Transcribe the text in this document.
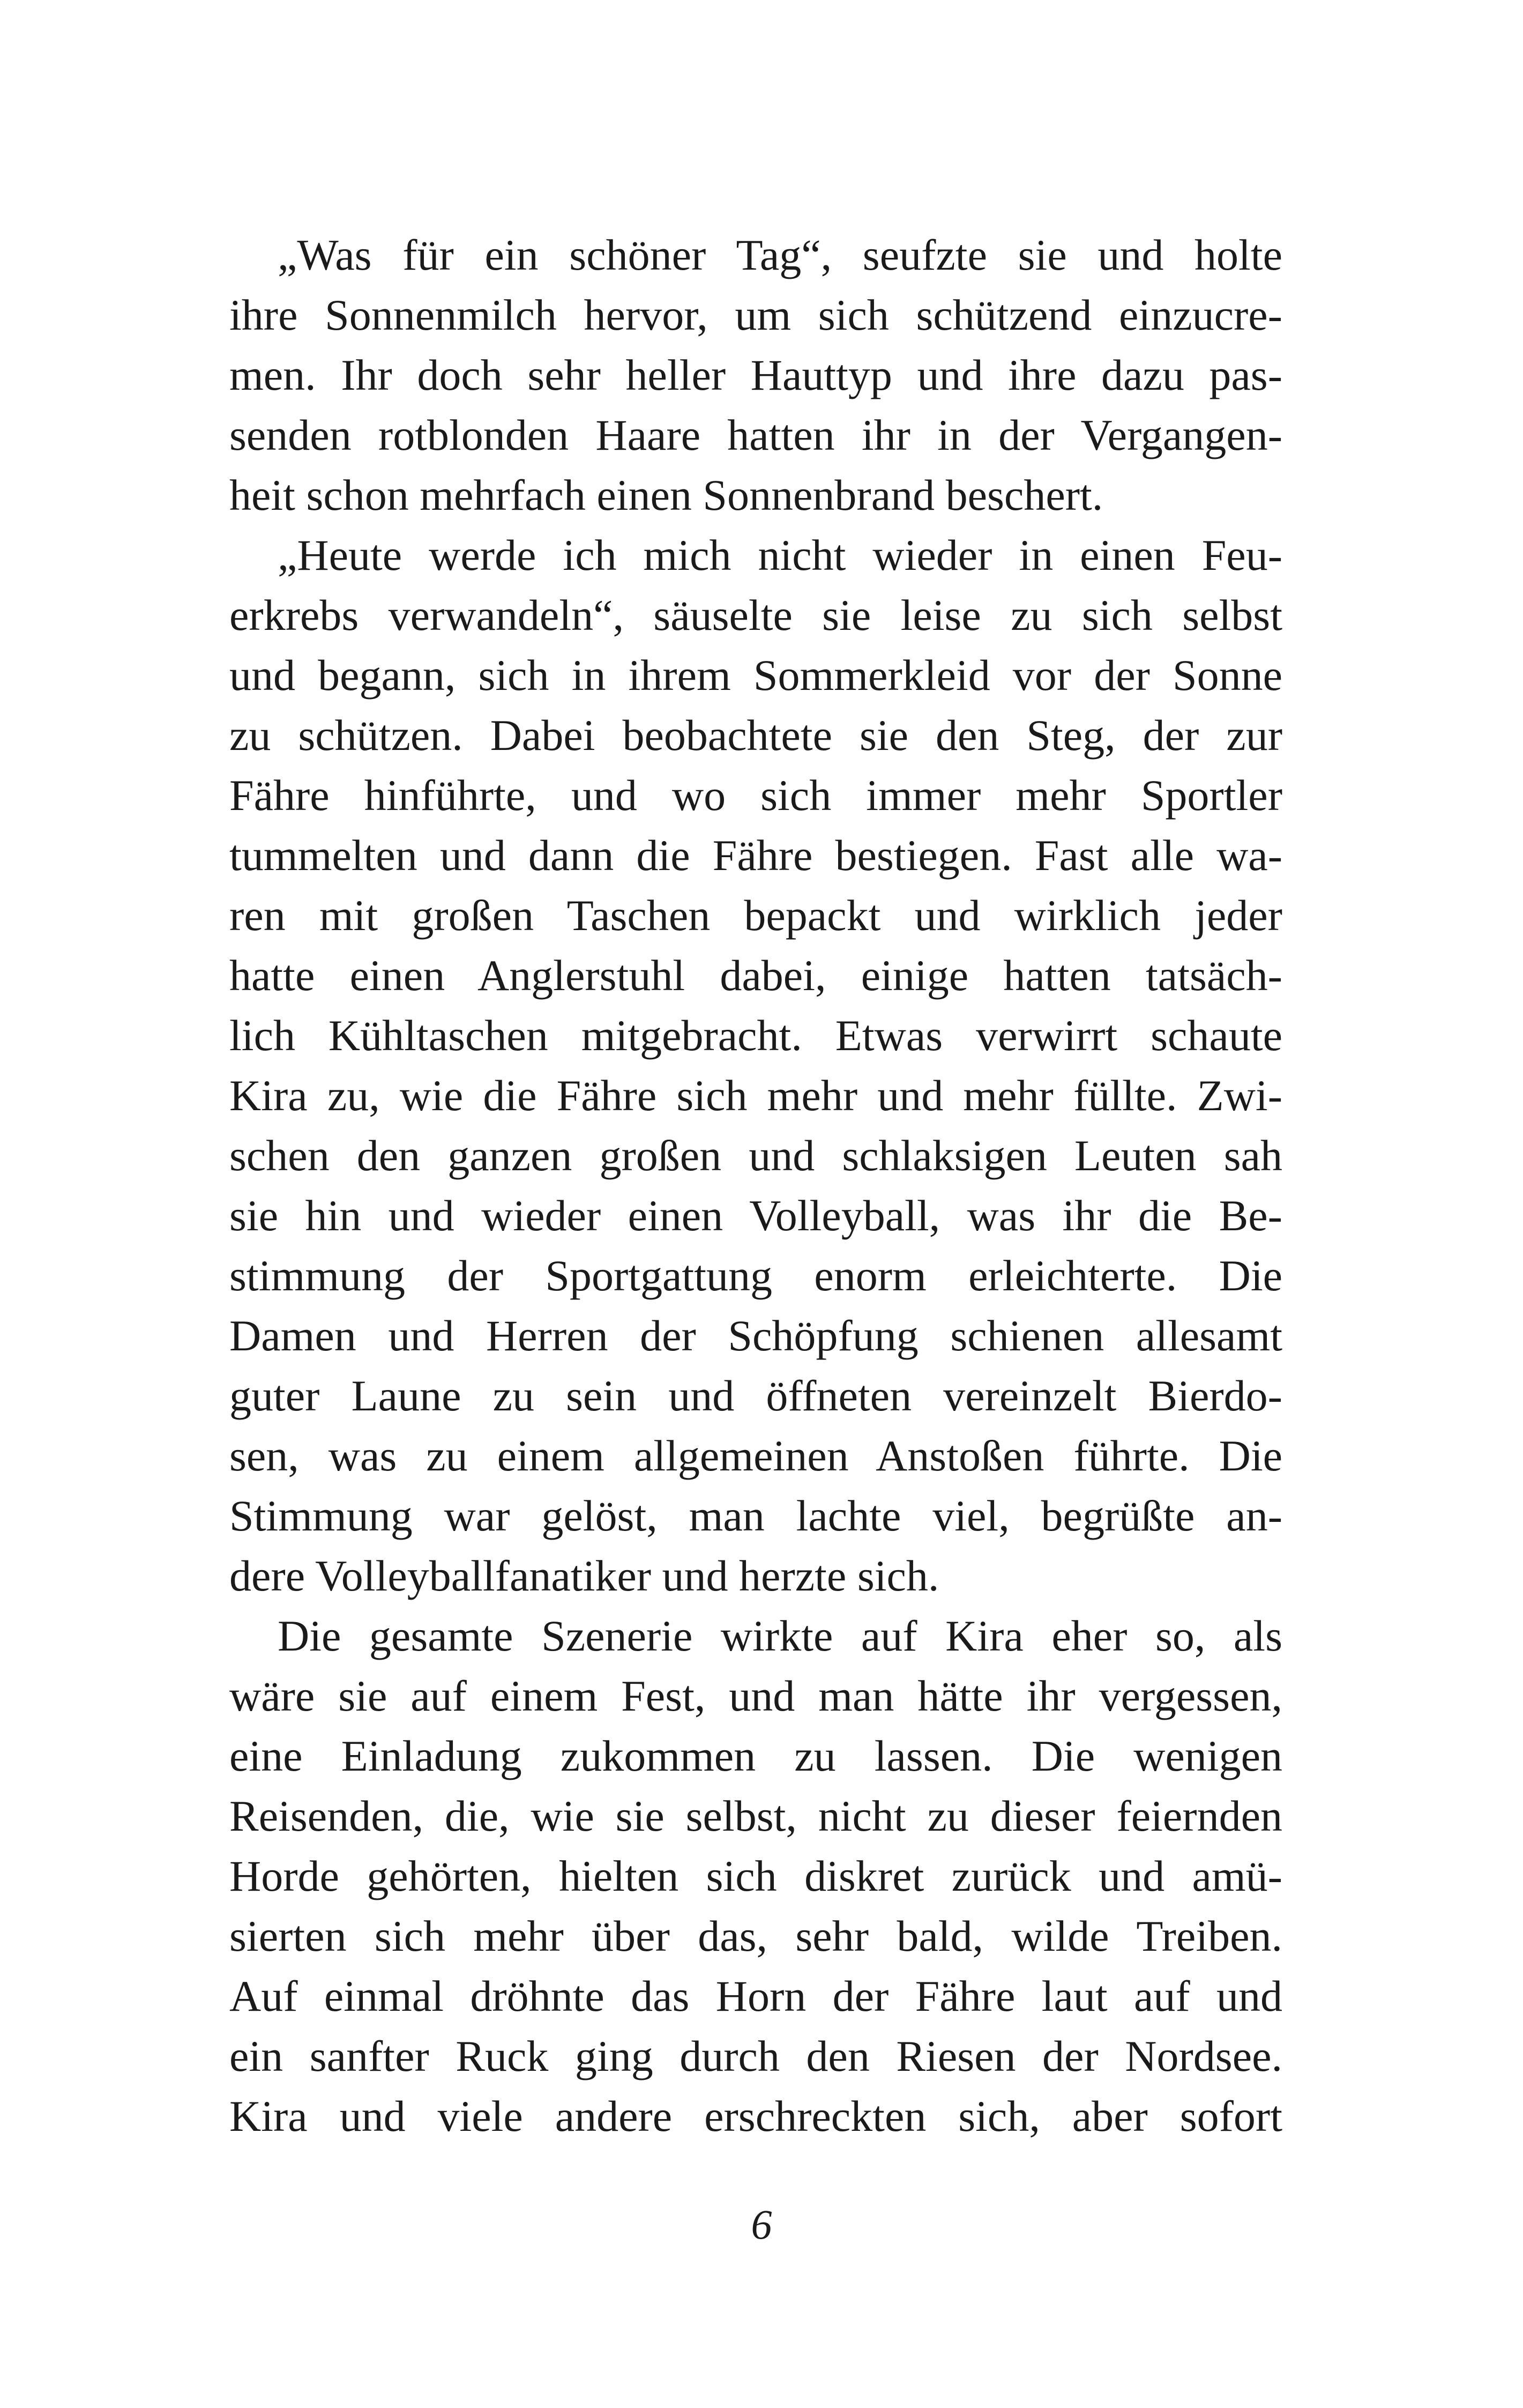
„Was für ein schöner Tag“, seufzte sie und holte
ihre Sonnenmilch hervor, um sich schützend einzucre-
men. Ihr doch sehr heller Hauttyp und ihre dazu pas-
senden rotblonden Haare hatten ihr in der Vergangen-
heit schon mehrfach einen Sonnenbrand beschert.
„Heute werde ich mich nicht wieder in einen Feu-
erkrebs verwandeln“, säuselte sie leise zu sich selbst
und begann, sich in ihrem Sommerkleid vor der Sonne
zu schützen. Dabei beobachtete sie den Steg, der zur
Fähre hinführte, und wo sich immer mehr Sportler
tummelten und dann die Fähre bestiegen. Fast alle wa-
ren mit großen Taschen bepackt und wirklich jeder
hatte einen Anglerstuhl dabei, einige hatten tatsäch-
lich Kühltaschen mitgebracht. Etwas verwirrt schaute
Kira zu, wie die Fähre sich mehr und mehr füllte. Zwi-
schen den ganzen großen und schlaksigen Leuten sah
sie hin und wieder einen Volleyball, was ihr die Be-
stimmung der Sportgattung enorm erleichterte. Die
Damen und Herren der Schöpfung schienen allesamt
guter Laune zu sein und öffneten vereinzelt Bierdo-
sen, was zu einem allgemeinen Anstoßen führte. Die
Stimmung war gelöst, man lachte viel, begrüßte an-
dere Volleyballfanatiker und herzte sich.
Die gesamte Szenerie wirkte auf Kira eher so, als
wäre sie auf einem Fest, und man hätte ihr vergessen,
eine Einladung zukommen zu lassen. Die wenigen
Reisenden, die, wie sie selbst, nicht zu dieser feiernden
Horde gehörten, hielten sich diskret zurück und amü-
sierten sich mehr über das, sehr bald, wilde Treiben.
Auf einmal dröhnte das Horn der Fähre laut auf und
ein sanfter Ruck ging durch den Riesen der Nordsee.
Kira und viele andere erschreckten sich, aber sofort
6
